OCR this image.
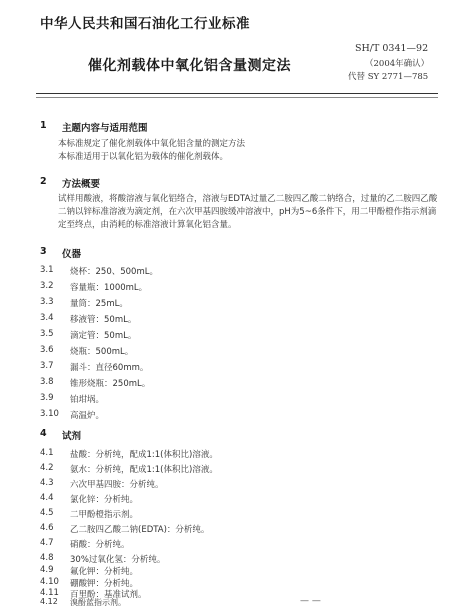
中华人民共和国石油化工行业标准
SH/T 0341—92
催化剂载体中氧化铝含量测定法	（2004年确认）
代替 SY 2771—785
1 主题内容与适用范围
本标准规定了催化剂载体中氧化铝含量的测定方法
本标准适用于以氧化铝为载体的催化剂载体。
2 方法概要
试样用酸液，将酸溶液与氧化铝络合，溶液与EDTA过量乙二胺四乙酸二钠络合，过量的乙二胺四乙酸二钠以锌标准溶液为滴定剂，在六次甲基四胺缓冲溶液中，pH为5~6条件下，用二甲酚橙作指示剂滴定至终点，由消耗的标准溶液计算氧化铝含量。
3 仪器
3.1 烧杯：250、500mL。
3.2 容量瓶：1000mL。
3.3 量筒：25mL。
3.4 移液管：50mL。
3.5 滴定管：50mL。
3.6 烧瓶：500mL。
3.7 漏斗：直径60mm。
3.8 锥形烧瓶：250mL。
3.9 铂坩埚。
3.10 高温炉。
4 试剂
4.1 盐酸：分析纯，配成1:1(体积比)溶液。
4.2 氨水：分析纯，配成1:1(体积比)溶液。
4.3 六次甲基四胺：分析纯。
4.4 氯化锌：分析纯。
4.5 二甲酚橙指示剂。
4.6 乙二胺四乙酸二钠(EDTA)：分析纯。
4.7 硝酸：分析纯。
4.8 30%过氧化氢：分析纯。
4.9 氟化钾：分析纯。
4.10 硼酸钾：分析纯。
4.11 百里酚：基准试剂。
4.12 溴酚蓝指示剂。	— —
